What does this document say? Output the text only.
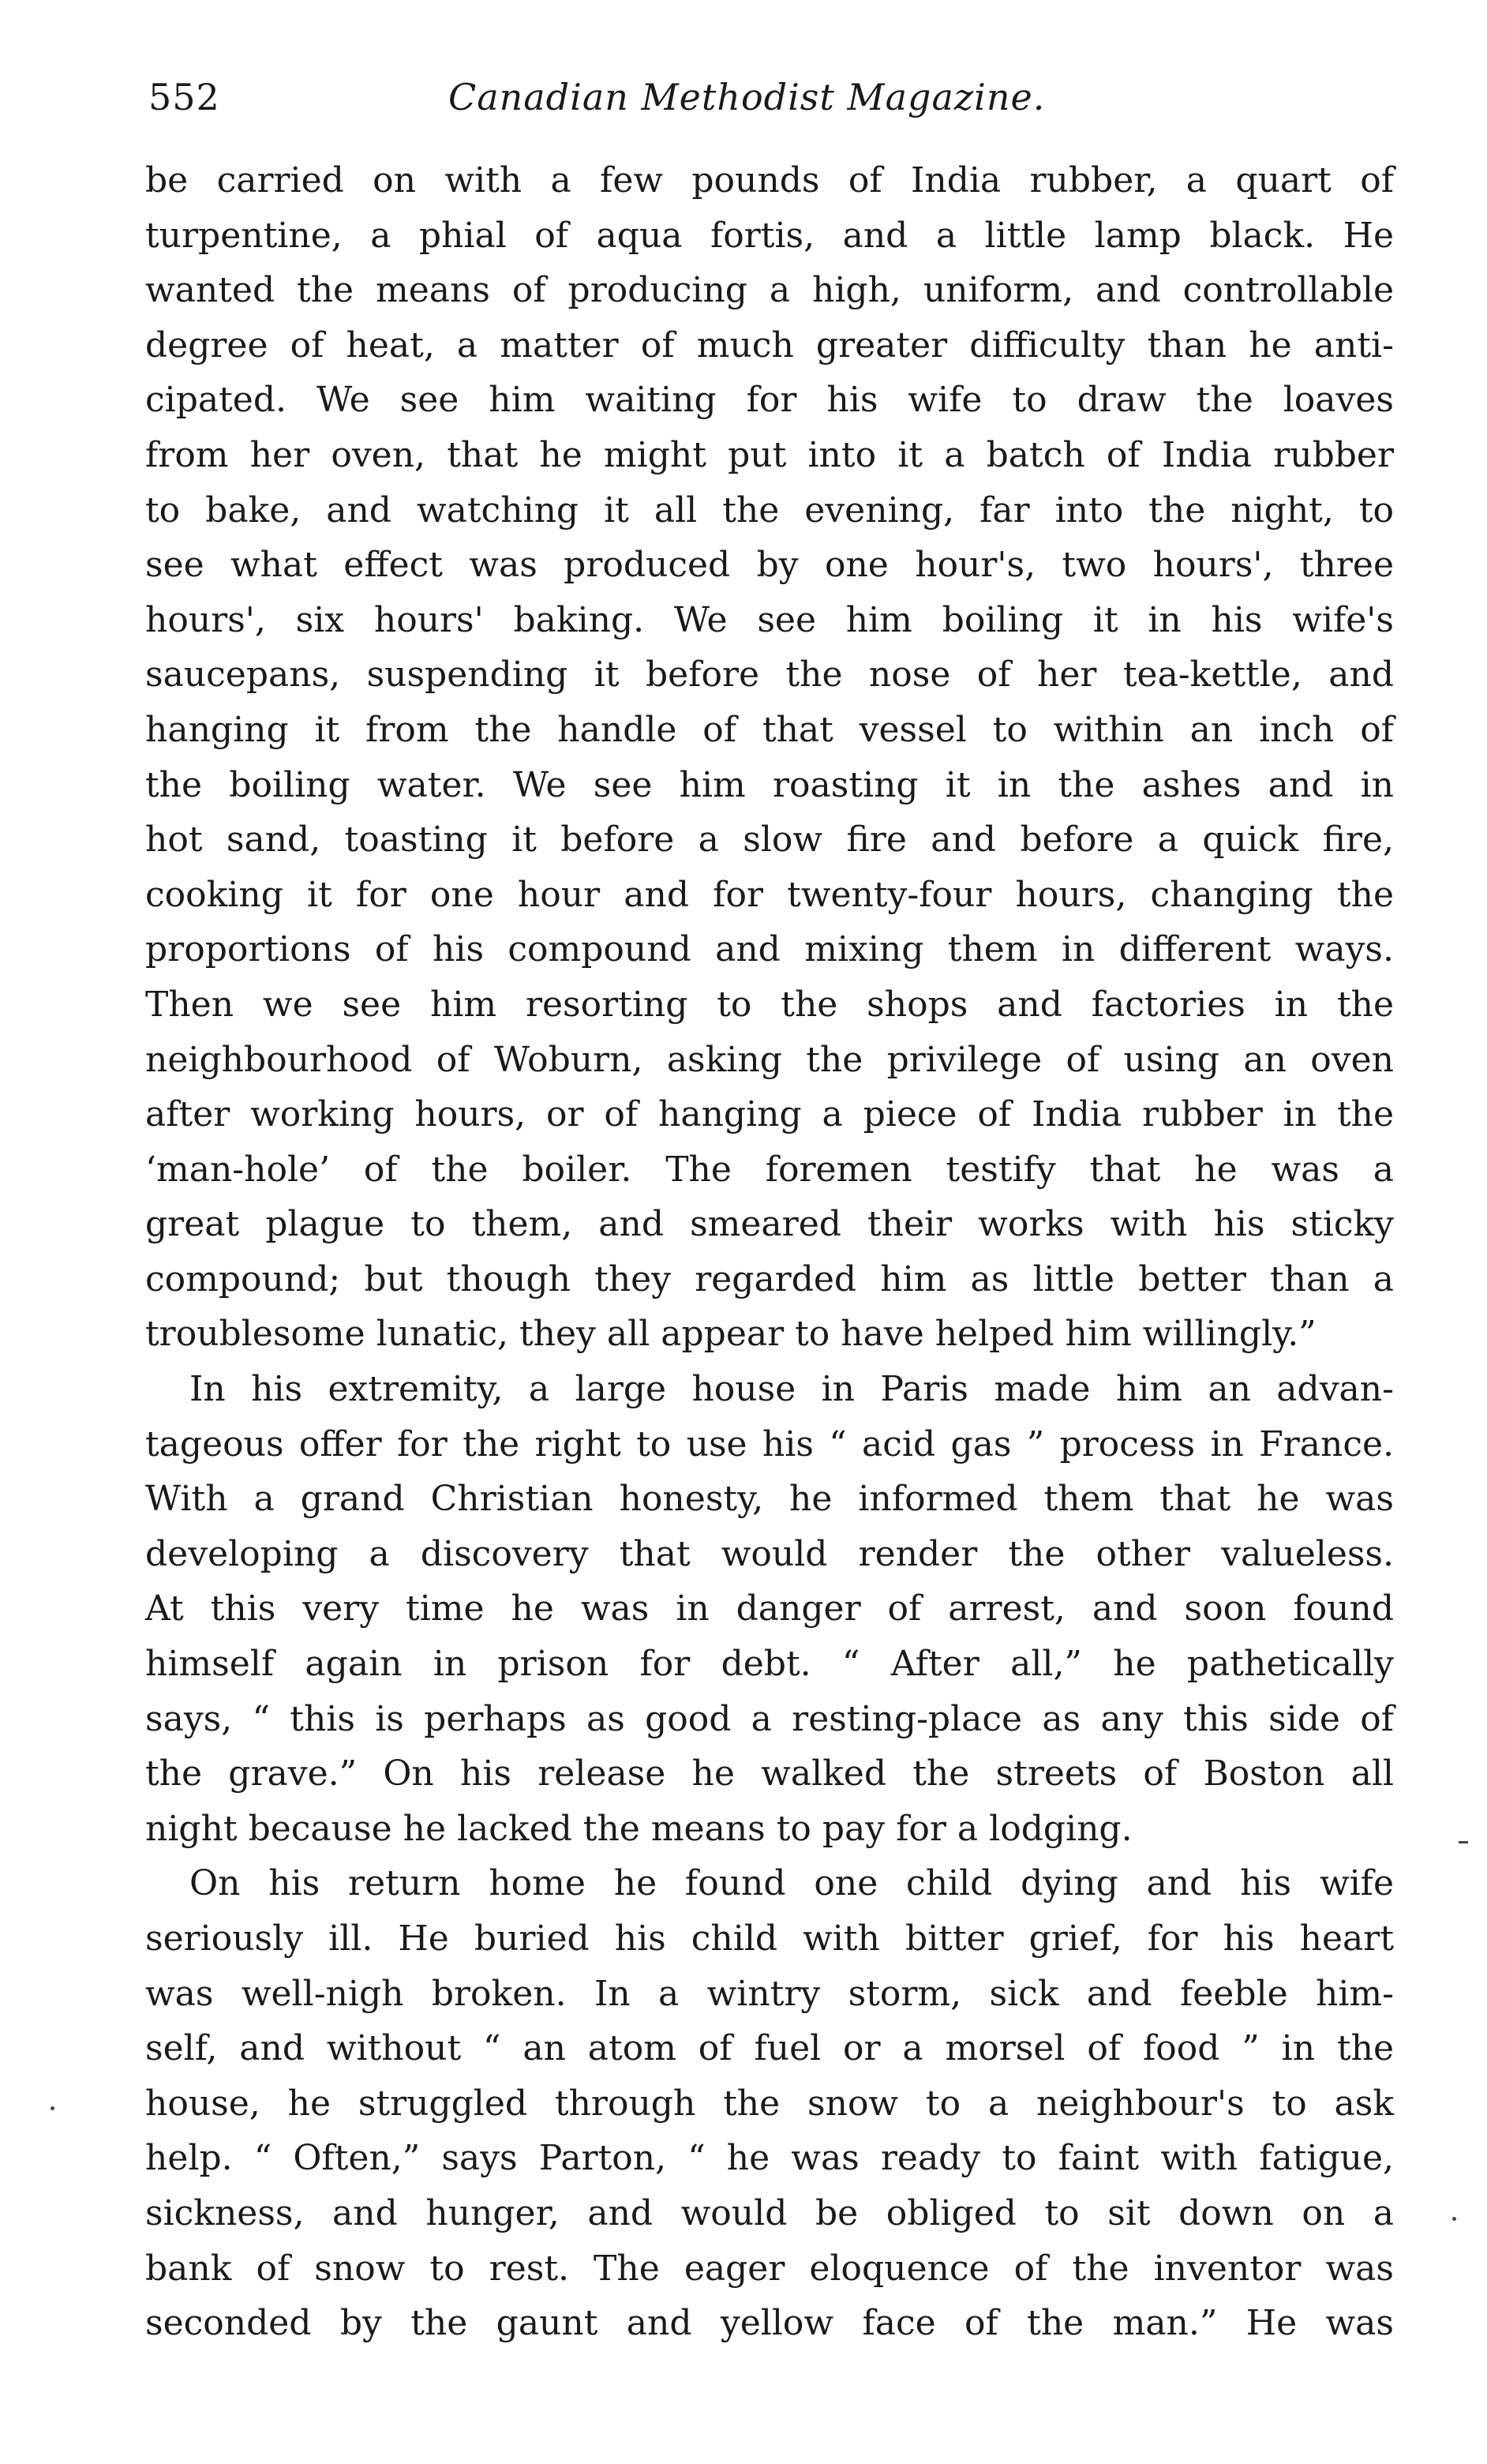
552	Canadian Methodist Magazine.
be carried on with a few pounds of India rubber, a quart of
turpentine, a phial of aqua fortis, and a little lamp black. He
wanted the means of producing a high, uniform, and controllable
degree of heat, a matter of much greater difficulty than he anti-
cipated. We see him waiting for his wife to draw the loaves
from her oven, that he might put into it a batch of India rubber
to bake, and watching it all the evening, far into the night, to
see what effect was produced by one hour's, two hours', three
hours', six hours' baking. We see him boiling it in his wife's
saucepans, suspending it before the nose of her tea-kettle, and
hanging it from the handle of that vessel to within an inch of
the boiling water. We see him roasting it in the ashes and in
hot sand, toasting it before a slow fire and before a quick fire,
cooking it for one hour and for twenty-four hours, changing the
proportions of his compound and mixing them in different ways.
Then we see him resorting to the shops and factories in the
neighbourhood of Woburn, asking the privilege of using an oven
after working hours, or of hanging a piece of India rubber in the
‘man-hole’ of the boiler. The foremen testify that he was a
great plague to them, and smeared their works with his sticky
compound; but though they regarded him as little better than a
troublesome lunatic, they all appear to have helped him willingly.”
In his extremity, a large house in Paris made him an advan-
tageous offer for the right to use his “ acid gas ” process in France.
With a grand Christian honesty, he informed them that he was
developing a discovery that would render the other valueless.
At this very time he was in danger of arrest, and soon found
himself again in prison for debt. “ After all,” he pathetically
says, “ this is perhaps as good a resting-place as any this side of
the grave.” On his release he walked the streets of Boston all
night because he lacked the means to pay for a lodging.
On his return home he found one child dying and his wife
seriously ill. He buried his child with bitter grief, for his heart
was well-nigh broken. In a wintry storm, sick and feeble him-
self, and without “ an atom of fuel or a morsel of food ” in the
house, he struggled through the snow to a neighbour's to ask
help. “ Often,” says Parton, “ he was ready to faint with fatigue,
sickness, and hunger, and would be obliged to sit down on a
bank of snow to rest. The eager eloquence of the inventor was
seconded by the gaunt and yellow face of the man.” He was
